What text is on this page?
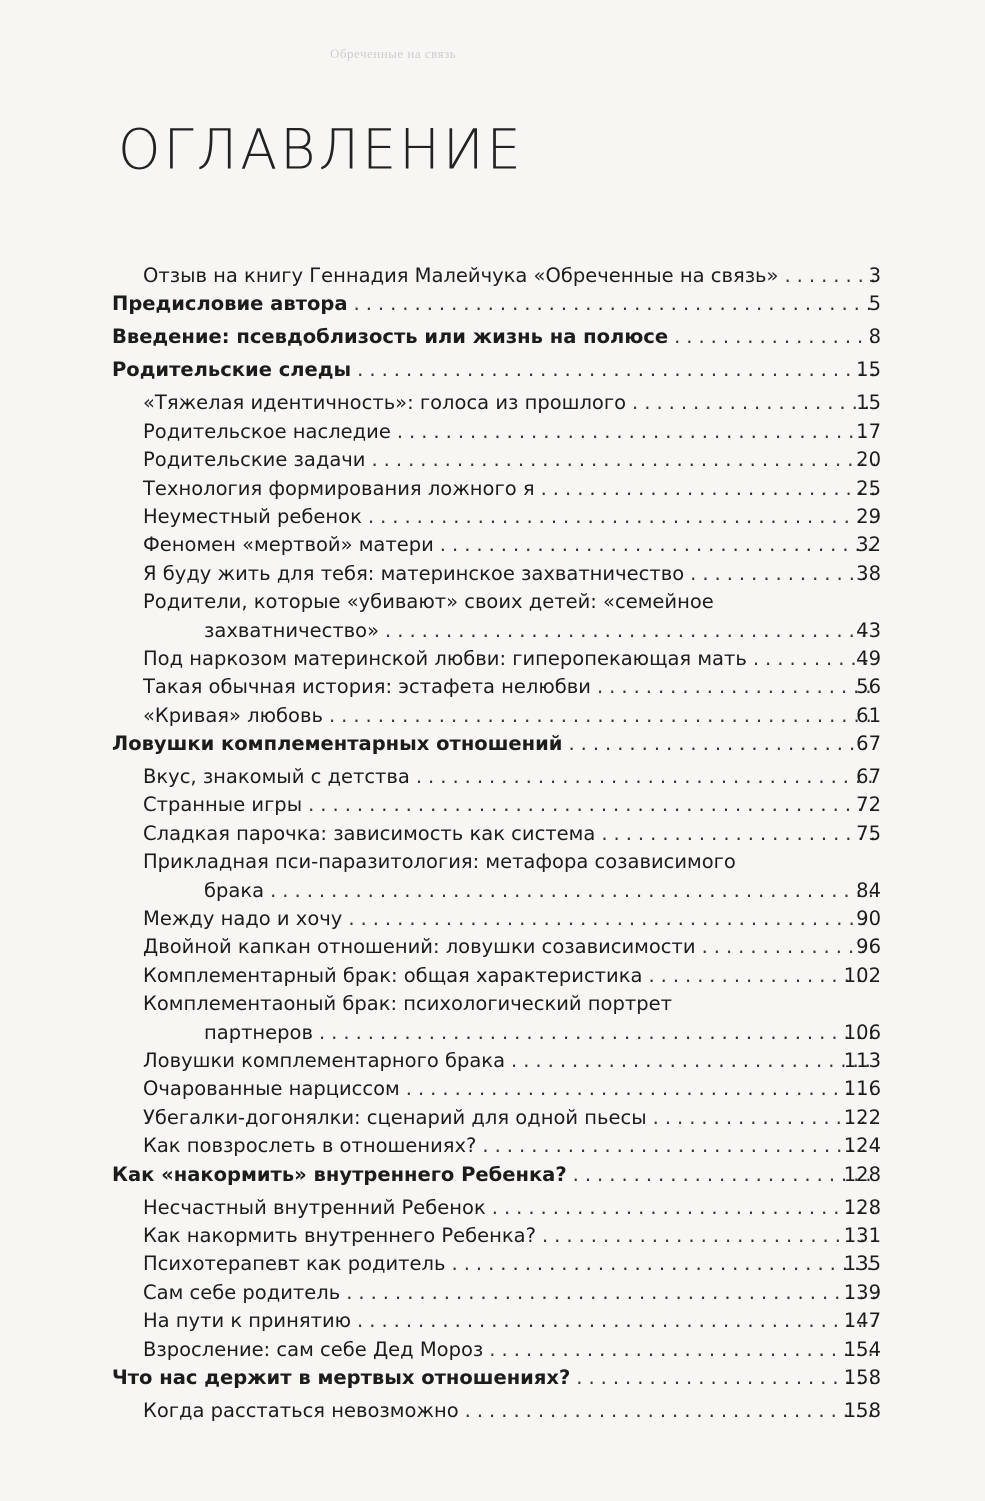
Обреченные на связь
ОГЛАВЛЕНИЕ
Отзыв на книгу Геннадия Малейчука «Обреченные на связь» .....	3
Предисловие автора .....	5
Введение: псевдоблизость или жизнь на полюсе .....	8
Родительские следы .....	15
«Тяжелая идентичность»: голоса из прошлого .....	15
Родительское наследие .....	17
Родительские задачи .....	20
Технология формирования ложного я .....	25
Неуместный ребенок .....	29
Феномен «мертвой» матери .....	32
Я буду жить для тебя: материнское захватничество .....	38
Родители, которые «убивают» своих детей: «семейное
захватничество» .....	43
Под наркозом материнской любви: гиперопекающая мать .....	49
Такая обычная история: эстафета нелюбви .....	56
«Кривая» любовь .....	61
Ловушки комплементарных отношений .....	67
Вкус, знакомый с детства .....	67
Странные игры .....	72
Сладкая парочка: зависимость как система .....	75
Прикладная пси-паразитология: метафора созависимого
брака .....	84
Между надо и хочу .....	90
Двойной капкан отношений: ловушки созависимости .....	96
Комплементарный брак: общая характеристика .....	102
Комплементаоный брак: психологический портрет
партнеров .....	106
Ловушки комплементарного брака .....	113
Очарованные нарциссом .....	116
Убегалки-догонялки: сценарий для одной пьесы .....	122
Как повзрослеть в отношениях? .....	124
Как «накормить» внутреннего Ребенка? .....	128
Несчастный внутренний Ребенок .....	128
Как накормить внутреннего Ребенка? .....	131
Психотерапевт как родитель .....	135
Сам себе родитель .....	139
На пути к принятию .....	147
Взросление: сам себе Дед Мороз .....	154
Что нас держит в мертвых отношениях? .....	158
Когда расстаться невозможно .....	158
